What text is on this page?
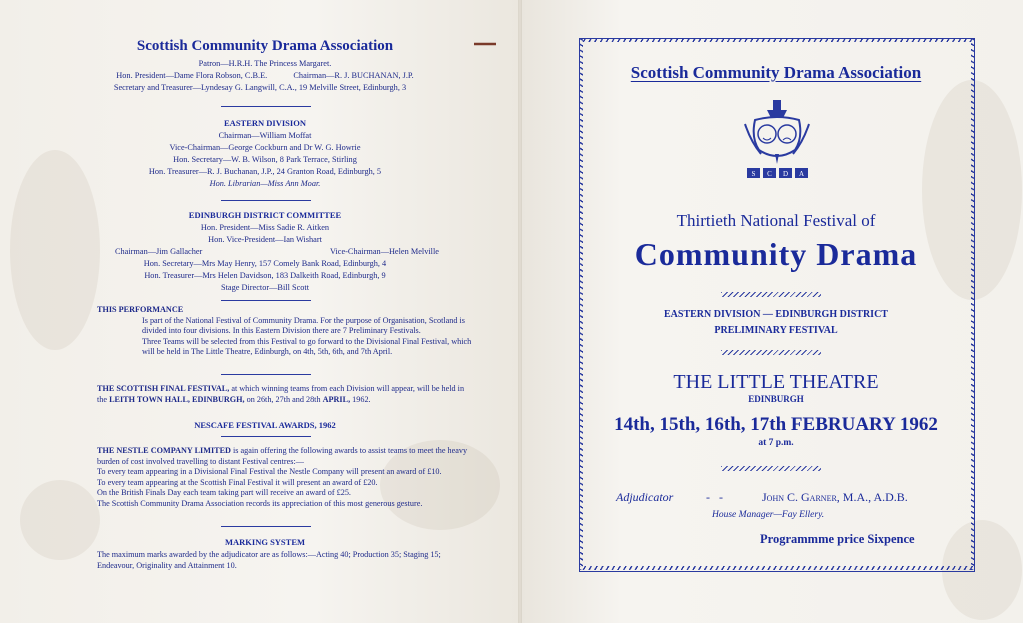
Scottish Community Drama Association
Patron—H.R.H. The Princess Margaret.
Hon. President—Dame Flora Robson, C.B.E.	Chairman—R. J. BUCHANAN, J.P.
Secretary and Treasurer—Lyndesay G. Langwill, C.A., 19 Melville Street, Edinburgh, 3
EASTERN DIVISION
Chairman—William Moffat
Vice-Chairman—George Cockburn and Dr W. G. Howrie
Hon. Secretary—W. B. Wilson, 8 Park Terrace, Stirling
Hon. Treasurer—R. J. Buchanan, J.P., 24 Granton Road, Edinburgh, 5
Hon. Librarian—Miss Ann Moar.
EDINBURGH DISTRICT COMMITTEE
Hon. President—Miss Sadie R. Aitken
Hon. Vice-President—Ian Wishart
Chairman—Jim Gallacher	Vice-Chairman—Helen Melville
Hon. Secretary—Mrs May Henry, 157 Comely Bank Road, Edinburgh, 4
Hon. Treasurer—Mrs Helen Davidson, 183 Dalkeith Road, Edinburgh, 9
Stage Director—Bill Scott
THIS PERFORMANCE
Is part of the National Festival of Community Drama. For the purpose of Organisation, Scotland is divided into four divisions. In this Eastern Division there are 7 Preliminary Festivals.
Three Teams will be selected from this Festival to go forward to the Divisional Final Festival, which will be held in The Little Theatre, Edinburgh, on 4th, 5th, 6th, and 7th April.
THE SCOTTISH FINAL FESTIVAL, at which winning teams from each Division will appear, will be held in the LEITH TOWN HALL, EDINBURGH, on 26th, 27th and 28th APRIL, 1962.
NESCAFE FESTIVAL AWARDS, 1962
THE NESTLE COMPANY LIMITED is again offering the following awards to assist teams to meet the heavy burden of cost involved travelling to distant Festival centres:—
To every team appearing in a Divisional Final Festival the Nestle Company will present an award of £10.
To every team appearing at the Scottish Final Festival it will present an award of £20.
On the British Finals Day each team taking part will receive an award of £25.
The Scottish Community Drama Association records its appreciation of this most generous gesture.
MARKING SYSTEM
The maximum marks awarded by the adjudicator are as follows:—Acting 40; Production 35; Staging 15; Endeavour, Originality and Attainment 10.
Scottish Community Drama Association
S C D A
Thirtieth National Festival of
Community Drama
EASTERN DIVISION — EDINBURGH DISTRICT
PRELIMINARY FESTIVAL
THE LITTLE THEATRE
EDINBURGH
14th, 15th, 16th, 17th FEBRUARY 1962
at 7 p.m.
Adjudicator	-   -	John C. Garner, M.A., A.D.B.
House Manager—Fay Ellery.
Programmme price Sixpence
